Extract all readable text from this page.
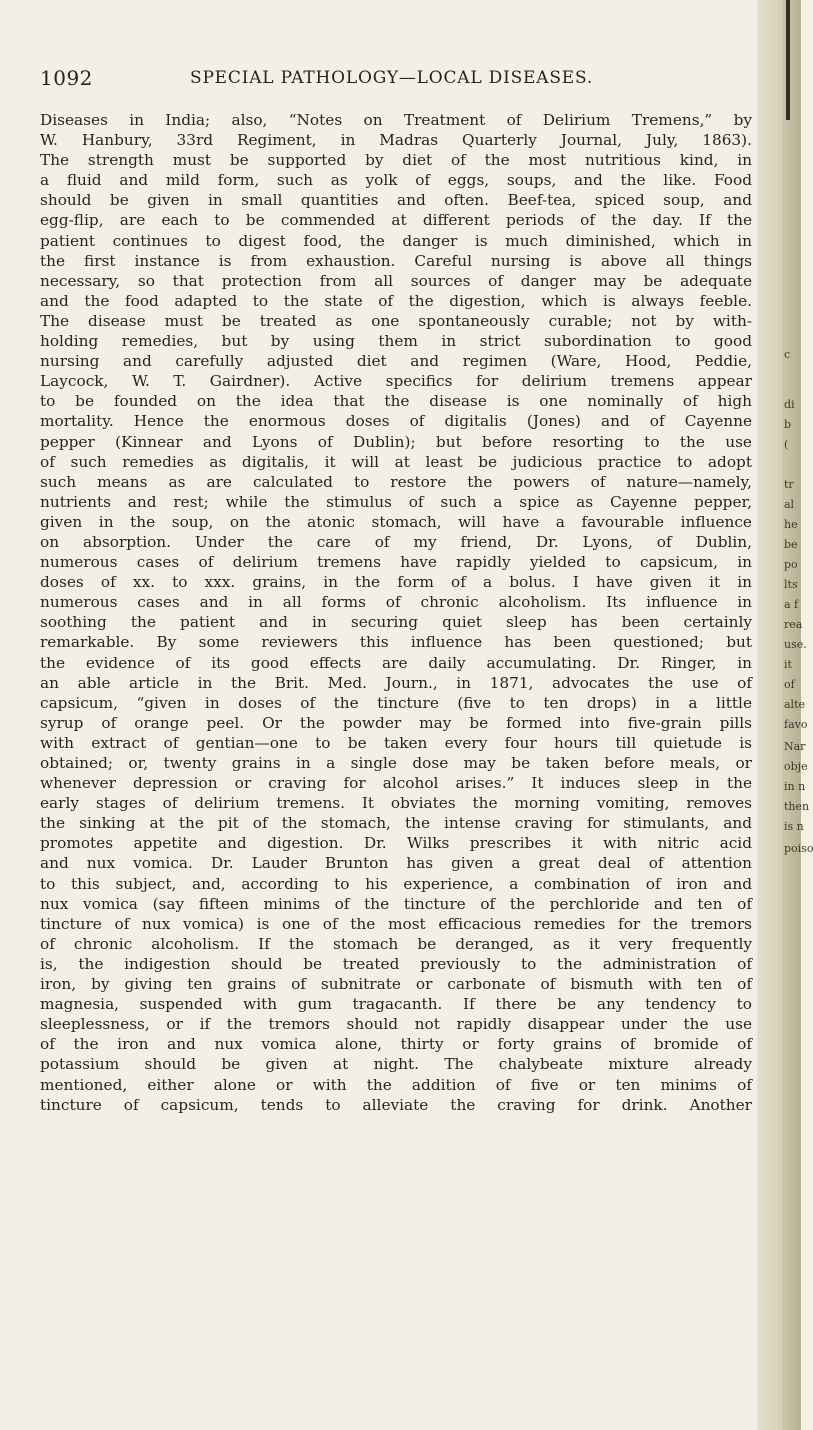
1092	SPECIAL PATHOLOGY—LOCAL DISEASES.
Diseases in India; also, “Notes on Treatment of Delirium Tremens,” by
W. Hanbury, 33rd Regiment, in Madras Quarterly Journal, July, 1863).
The strength must be supported by diet of the most nutritious kind, in
a fluid and mild form, such as yolk of eggs, soups, and the like. Food
should be given in small quantities and often. Beef-tea, spiced soup, and
egg-flip, are each to be commended at different periods of the day. If the
patient continues to digest food, the danger is much diminished, which in
the first instance is from exhaustion. Careful nursing is above all things
necessary, so that protection from all sources of danger may be adequate
and the food adapted to the state of the digestion, which is always feeble.
The disease must be treated as one spontaneously curable; not by with-
holding remedies, but by using them in strict subordination to good
nursing and carefully adjusted diet and regimen (Ware, Hood, Peddie,
Laycock, W. T. Gairdner). Active specifics for delirium tremens appear
to be founded on the idea that the disease is one nominally of high
mortality. Hence the enormous doses of digitalis (Jones) and of Cayenne
pepper (Kinnear and Lyons of Dublin); but before resorting to the use
of such remedies as digitalis, it will at least be judicious practice to adopt
such means as are calculated to restore the powers of nature—namely,
nutrients and rest; while the stimulus of such a spice as Cayenne pepper,
given in the soup, on the atonic stomach, will have a favourable influence
on absorption. Under the care of my friend, Dr. Lyons, of Dublin,
numerous cases of delirium tremens have rapidly yielded to capsicum, in
doses of xx. to xxx. grains, in the form of a bolus. I have given it in
numerous cases and in all forms of chronic alcoholism. Its influence in
soothing the patient and in securing quiet sleep has been certainly
remarkable. By some reviewers this influence has been questioned; but
the evidence of its good effects are daily accumulating. Dr. Ringer, in
an able article in the Brit. Med. Journ., in 1871, advocates the use of
capsicum, “given in doses of the tincture (five to ten drops) in a little
syrup of orange peel. Or the powder may be formed into five-grain pills
with extract of gentian—one to be taken every four hours till quietude is
obtained; or, twenty grains in a single dose may be taken before meals, or
whenever depression or craving for alcohol arises.” It induces sleep in the
early stages of delirium tremens. It obviates the morning vomiting, removes
the sinking at the pit of the stomach, the intense craving for stimulants, and
promotes appetite and digestion. Dr. Wilks prescribes it with nitric acid
and nux vomica. Dr. Lauder Brunton has given a great deal of attention
to this subject, and, according to his experience, a combination of iron and
nux vomica (say fifteen minims of the tincture of the perchloride and ten of
tincture of nux vomica) is one of the most efficacious remedies for the tremors
of chronic alcoholism. If the stomach be deranged, as it very frequently
is, the indigestion should be treated previously to the administration of
iron, by giving ten grains of subnitrate or carbonate of bismuth with ten of
magnesia, suspended with gum tragacanth. If there be any tendency to
sleeplessness, or if the tremors should not rapidly disappear under the use
of the iron and nux vomica alone, thirty or forty grains of bromide of
potassium should be given at night. The chalybeate mixture already
mentioned, either alone or with the addition of five or ten minims of
tincture of capsicum, tends to alleviate the craving for drink. Another
c
di
b
(
tr
al
he
be
po
lts
a f
rea
use.
it
of
alte
favo
Nar
obje
in n
then
is n
poiso
